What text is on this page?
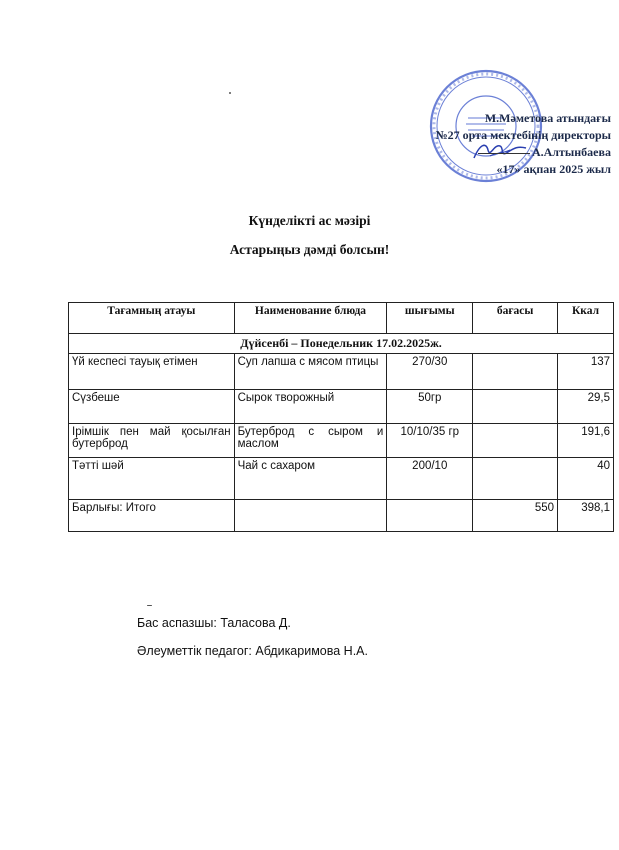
М.Мәметова атындағы
№27 орта мектебінің директоры
А.Алтынбаева
«17» ақпан 2025 жыл
Күнделікті ас мәзірі
Астарыңыз дәмді болсын!
Тағамның атауы	Наименование блюда	шығымы	бағасы	Ккал
Дүйсенбі – Понедельник 17.02.2025ж.				
Үй кеспесі тауық етімен	Суп лапша с мясом птицы	270/30		137
Сүзбеше	Сырок творожный	50гр		29,5
Ірімшік пен май қосылған бутерброд	Бутерброд с сыром и маслом	10/10/35 гр		191,6
Тәтті шәй	Чай с сахаром	200/10		40
Барлығы: Итого			550	398,1
Бас аспазшы: Таласова Д.
Әлеуметтік педагог: Абдикаримова Н.А.
